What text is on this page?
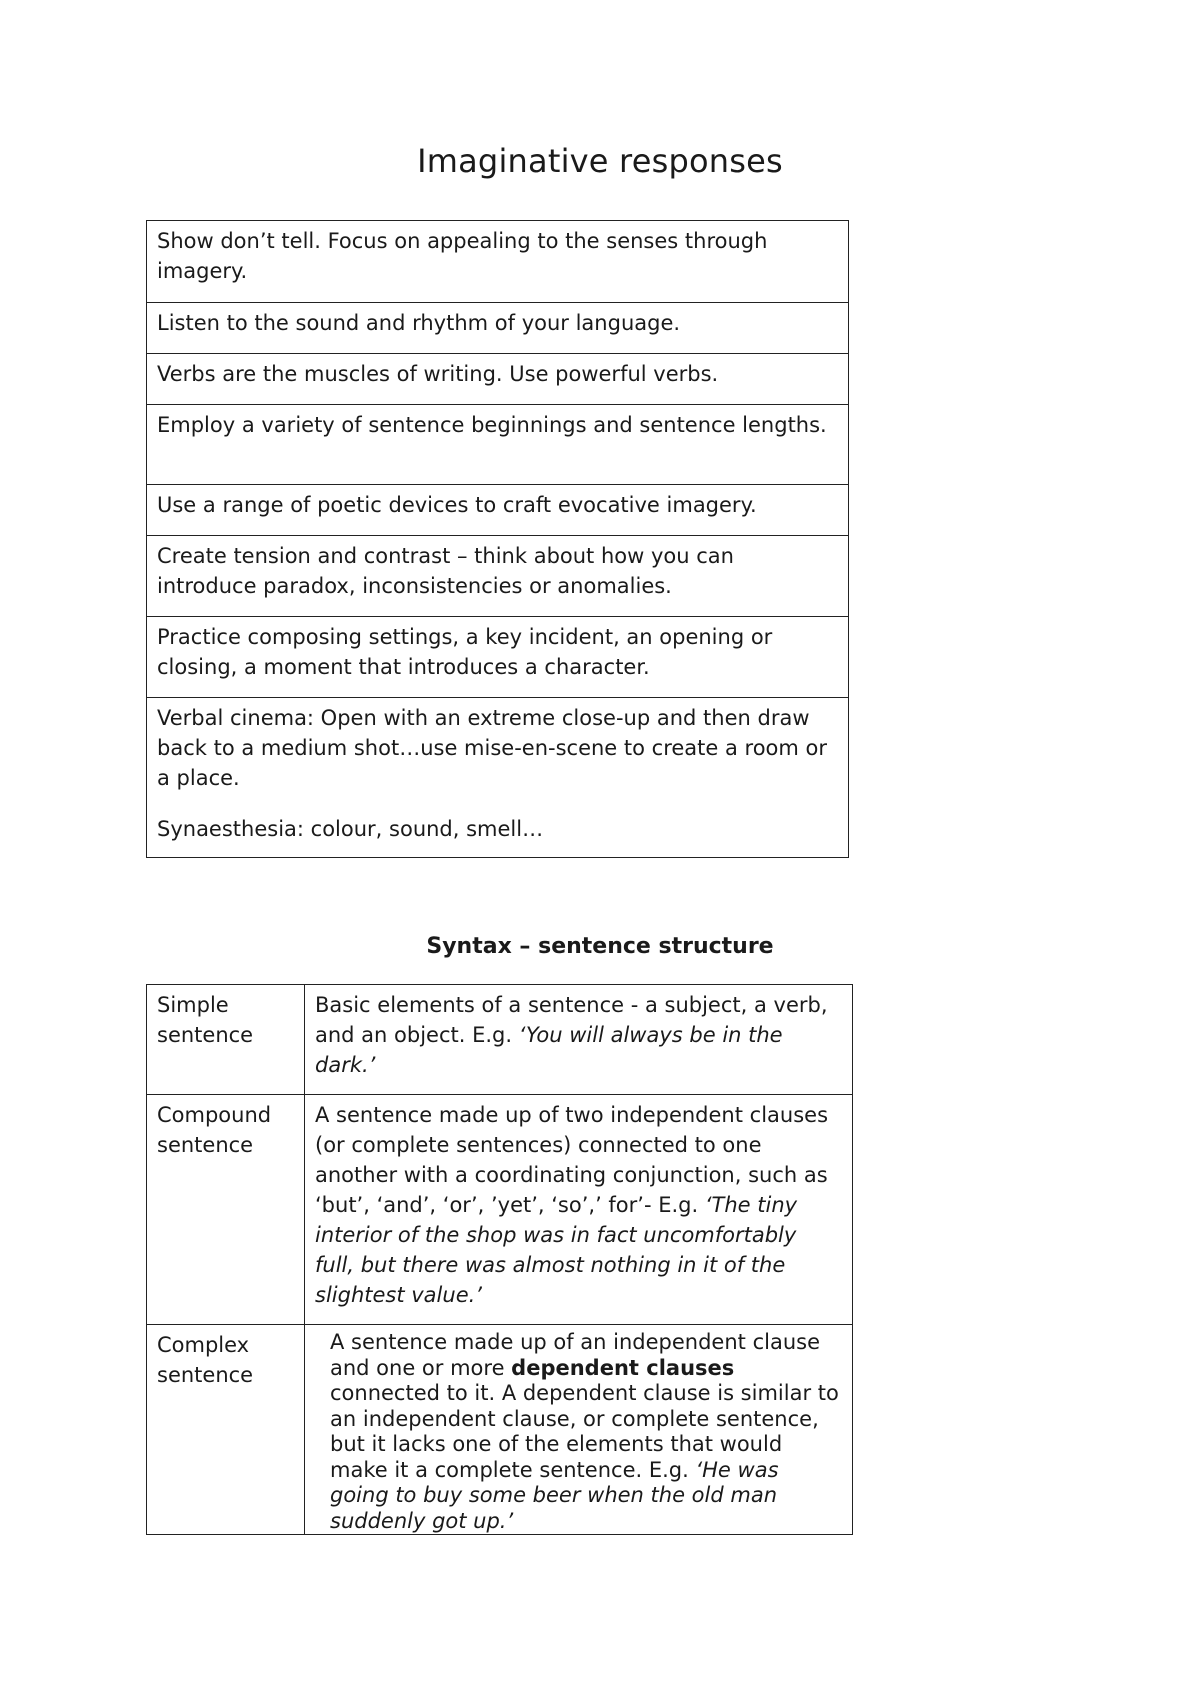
Imaginative responses
Show don’t tell. Focus on appealing to the senses through imagery.
Listen to the sound and rhythm of your language.
Verbs are the muscles of writing. Use powerful verbs.
Employ a variety of sentence beginnings and sentence lengths.
Use a range of poetic devices to craft evocative imagery.
Create tension and contrast – think about how you can introduce paradox, inconsistencies or anomalies.
Practice composing settings, a key incident, an opening or closing, a moment that introduces a character.

Verbal cinema: Open with an extreme close-up and then draw back to a medium shot…use mise-en-scene to create a room or a place.

Synaesthesia: colour, sound, smell…

Syntax – sentence structure
Simple sentence	Basic elements of a sentence - a subject, a verb, and an object. E.g. ‘You will always be in the dark.’
Compound sentence	A sentence made up of two independent clauses (or complete sentences) connected to one another with a coordinating conjunction, such as ‘but’, ‘and’, ‘or’, ’yet’, ‘so’,’ for’- E.g. ‘The tiny interior of the shop was in fact uncomfortably full, but there was almost nothing in it of the slightest value.’
Complex sentence	A sentence made up of an independent clause and one or more dependent clauses connected to it. A dependent clause is similar to an independent clause, or complete sentence, but it lacks one of the elements that would make it a complete sentence. E.g. ‘He was going to buy some beer when the old man suddenly got up.’
